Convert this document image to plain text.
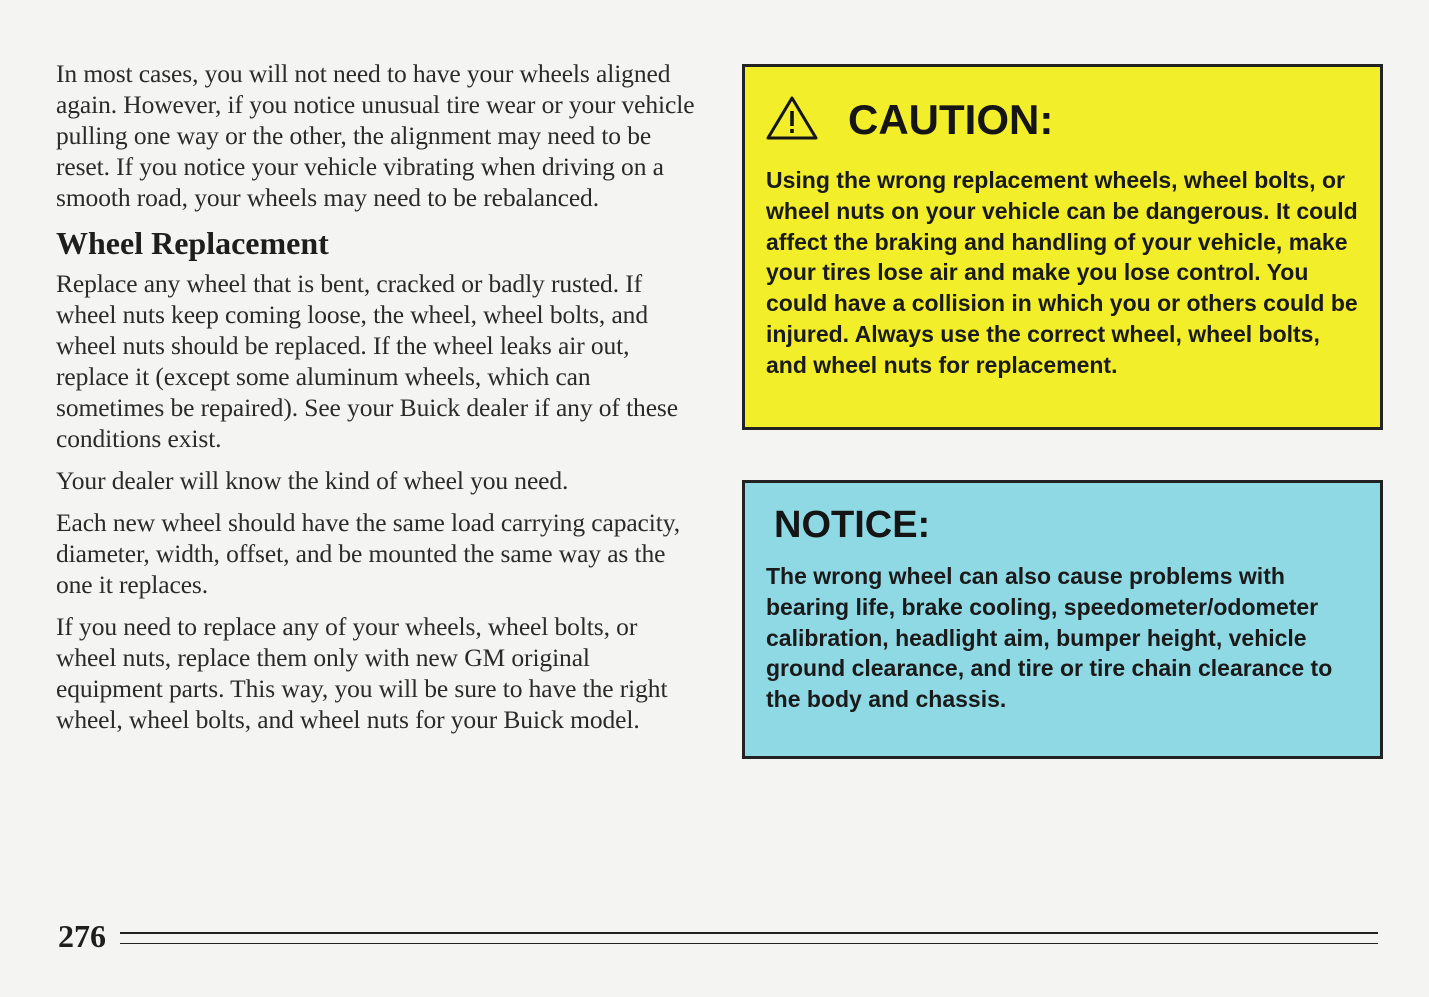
In most cases, you will not need to have your wheels aligned again. However, if you notice unusual tire wear or your vehicle pulling one way or the other, the alignment may need to be reset. If you notice your vehicle vibrating when driving on a smooth road, your wheels may need to be rebalanced.

Wheel Replacement

Replace any wheel that is bent, cracked or badly rusted. If wheel nuts keep coming loose, the wheel, wheel bolts, and wheel nuts should be replaced. If the wheel leaks air out, replace it (except some aluminum wheels, which can sometimes be repaired). See your Buick dealer if any of these conditions exist.

Your dealer will know the kind of wheel you need.

Each new wheel should have the same load carrying capacity, diameter, width, offset, and be mounted the same way as the one it replaces.

If you need to replace any of your wheels, wheel bolts, or wheel nuts, replace them only with new GM original equipment parts. This way, you will be sure to have the right wheel, wheel bolts, and wheel nuts for your Buick model.

CAUTION:

Using the wrong replacement wheels, wheel bolts, or wheel nuts on your vehicle can be dangerous. It could affect the braking and handling of your vehicle, make your tires lose air and make you lose control. You could have a collision in which you or others could be injured. Always use the correct wheel, wheel bolts, and wheel nuts for replacement.

NOTICE:

The wrong wheel can also cause problems with bearing life, brake cooling, speedometer/odometer calibration, headlight aim, bumper height, vehicle ground clearance, and tire or tire chain clearance to the body and chassis.

276
